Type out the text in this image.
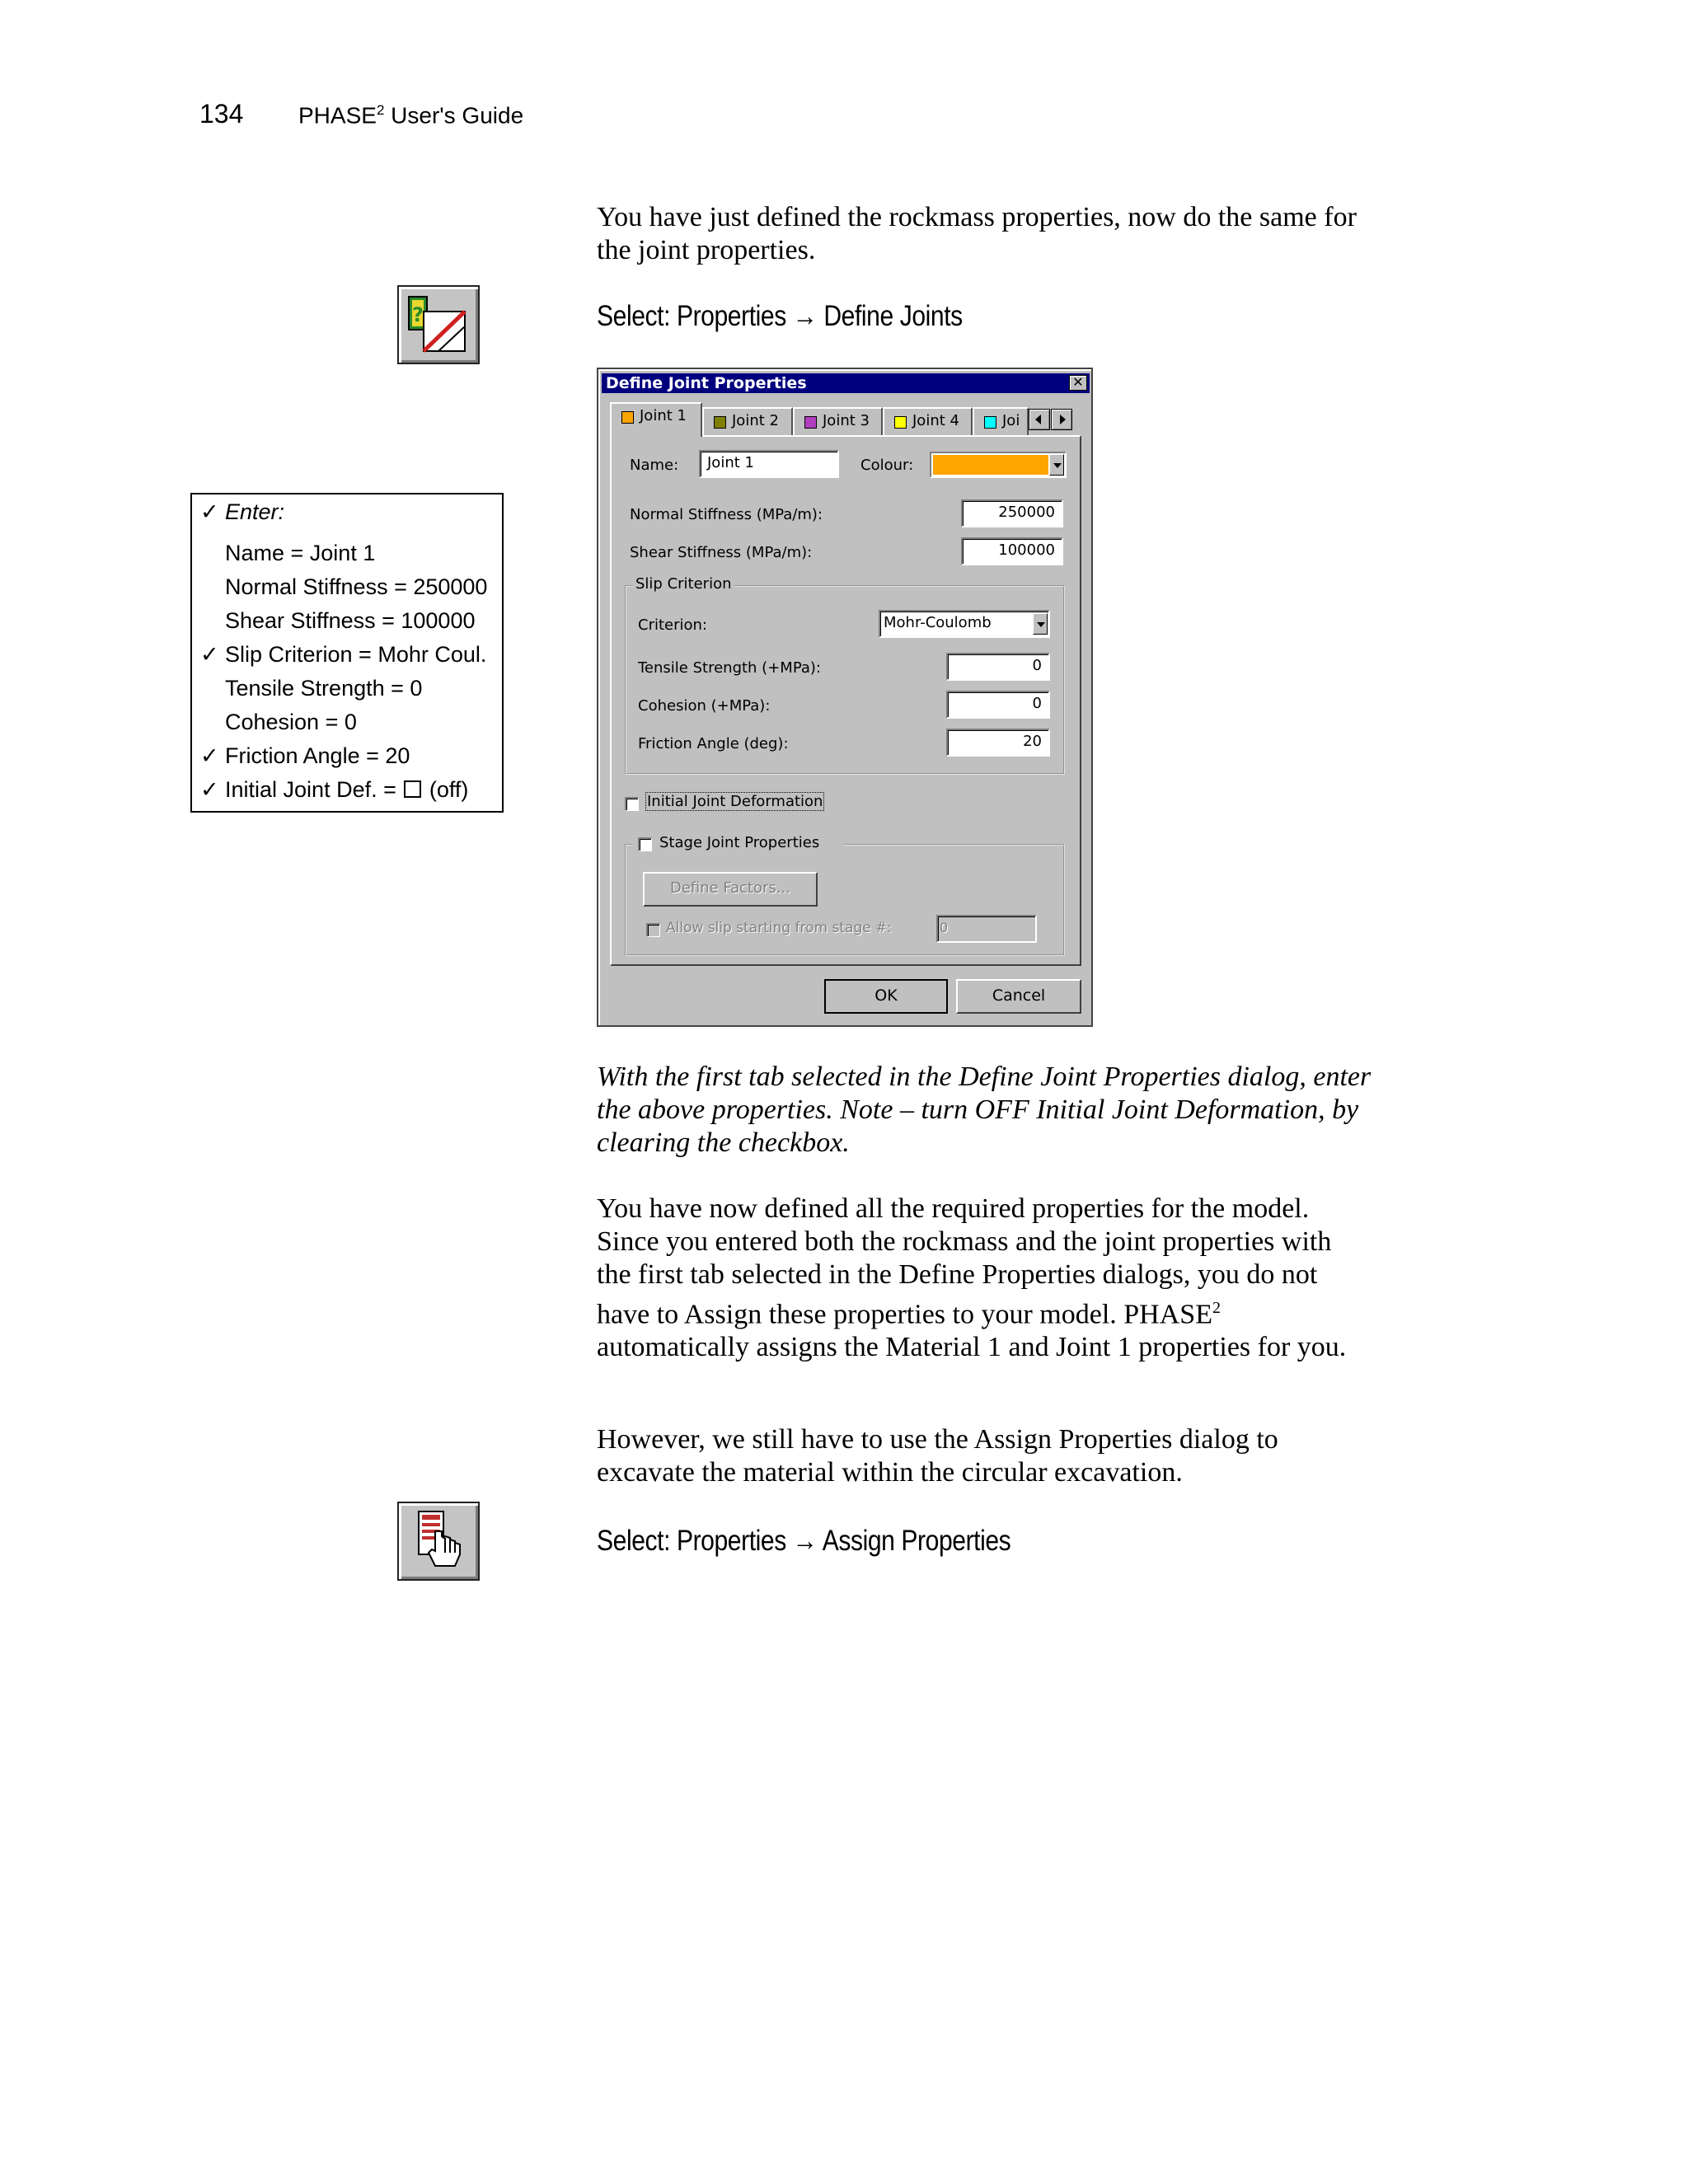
134 PHASE$^2$ User's Guide

You have just defined the rockmass properties, now do the same for the joint properties.

?	Select: Properties → Define Joints
✓ Enter:
Name = Joint 1
Normal Stiffness = 250000
Shear Stiffness = 100000
✓ Slip Criterion = Mohr Coul.
Tensile Strength = 0
Cohesion = 0
✓ Friction Angle = 20
✓ Initial Joint Def. =  (off)
Define Joint Properties	✕
Joint 1	Joint 2	Joint 3	Joint 4	Joi
Name:	Joint 1	Colour:
Normal Stiffness (MPa/m):	250000
Shear Stiffness (MPa/m):	100000
Slip Criterion
Criterion:	Mohr-Coulomb
Tensile Strength (+MPa):	0
Cohesion (+MPa):	0
Friction Angle (deg):	20
Initial Joint Deformation
Stage Joint Properties
Define Factors...
Allow slip starting from stage #:	0
OK	Cancel

With the first tab selected in the Define Joint Properties dialog, enter the above properties. Note – turn OFF Initial Joint Deformation, by clearing the checkbox.

You have now defined all the required properties for the model. Since you entered both the rockmass and the joint properties with the first tab selected in the Define Properties dialogs, you do not have to Assign these properties to your model. PHASE$^2$ automatically assigns the Material 1 and Joint 1 properties for you.

However, we still have to use the Assign Properties dialog to excavate the material within the circular excavation.

Select: Properties → Assign Properties
